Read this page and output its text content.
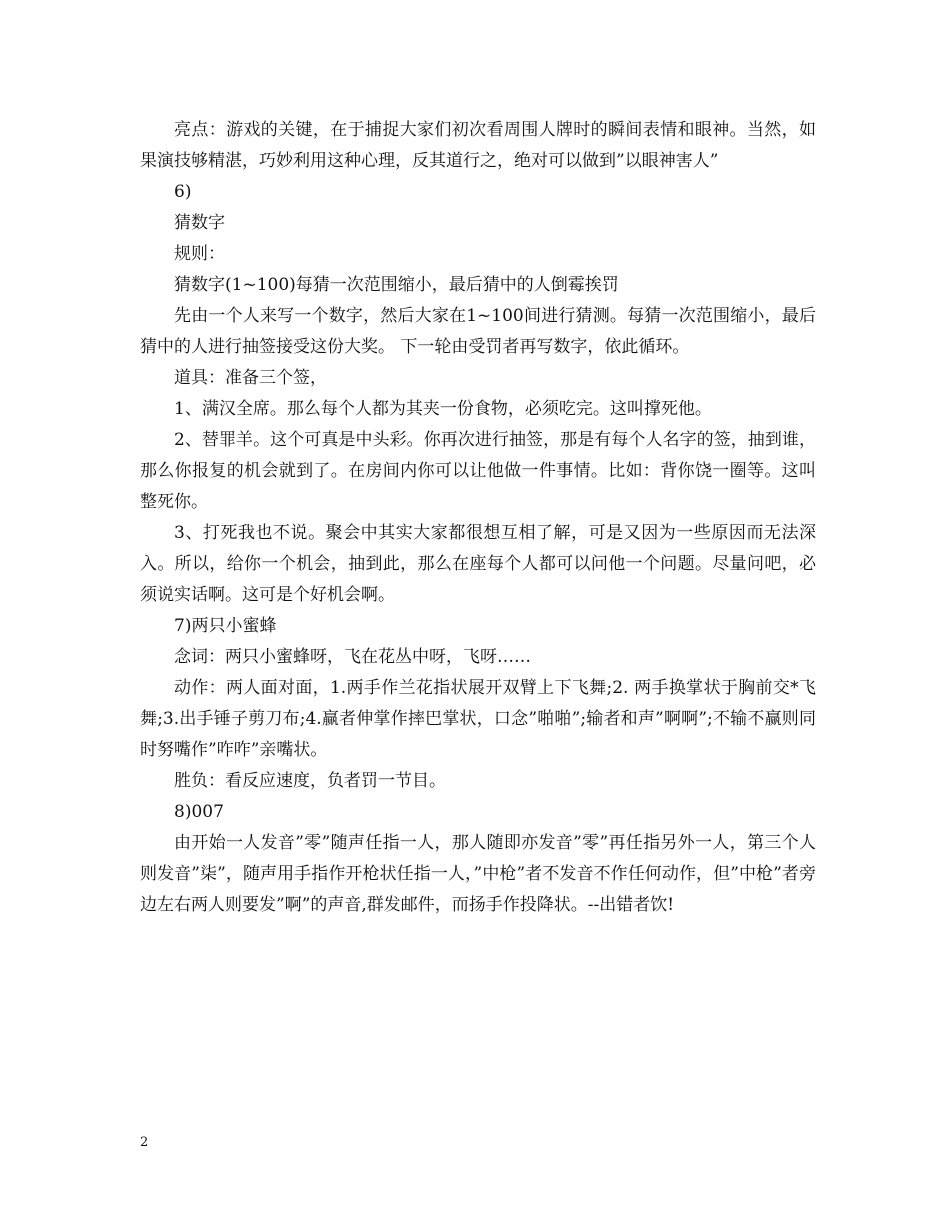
亮点：游戏的关键，在于捕捉大家们初次看周围人牌时的瞬间表情和眼神。当然，如果演技够精湛，巧妙利用这种心理，反其道行之，绝对可以做到”以眼神害人”

6)

猜数字

规则：

猜数字(1~100)每猜一次范围缩小，最后猜中的人倒霉挨罚

先由一个人来写一个数字，然后大家在1~100间进行猜测。每猜一次范围缩小，最后猜中的人进行抽签接受这份大奖。 下一轮由受罚者再写数字，依此循环。

道具：准备三个签，

1、满汉全席。那么每个人都为其夹一份食物，必须吃完。这叫撑死他。

2、替罪羊。这个可真是中头彩。你再次进行抽签，那是有每个人名字的签，抽到谁，那么你报复的机会就到了。在房间内你可以让他做一件事情。比如：背你饶一圈等。这叫整死你。

3、打死我也不说。聚会中其实大家都很想互相了解，可是又因为一些原因而无法深入。所以，给你一个机会，抽到此，那么在座每个人都可以问他一个问题。尽量问吧，必须说实话啊。这可是个好机会啊。

7)两只小蜜蜂

念词：两只小蜜蜂呀，飞在花丛中呀，飞呀……

动作：两人面对面，1.两手作兰花指状展开双臂上下飞舞;2. 两手换掌状于胸前交*飞舞;3.出手锤子剪刀布;4.赢者伸掌作摔巴掌状，口念”啪啪”;输者和声”啊啊”;不输不赢则同时努嘴作”咋咋”亲嘴状。

胜负：看反应速度，负者罚一节目。

8)007

由开始一人发音”零”随声任指一人，那人随即亦发音”零”再任指另外一人，第三个人则发音”柒”，随声用手指作开枪状任指一人，”中枪”者不发音不作任何动作，但”中枪”者旁边左右两人则要发”啊”的声音,群发邮件，而扬手作投降状。--出错者饮!

2
